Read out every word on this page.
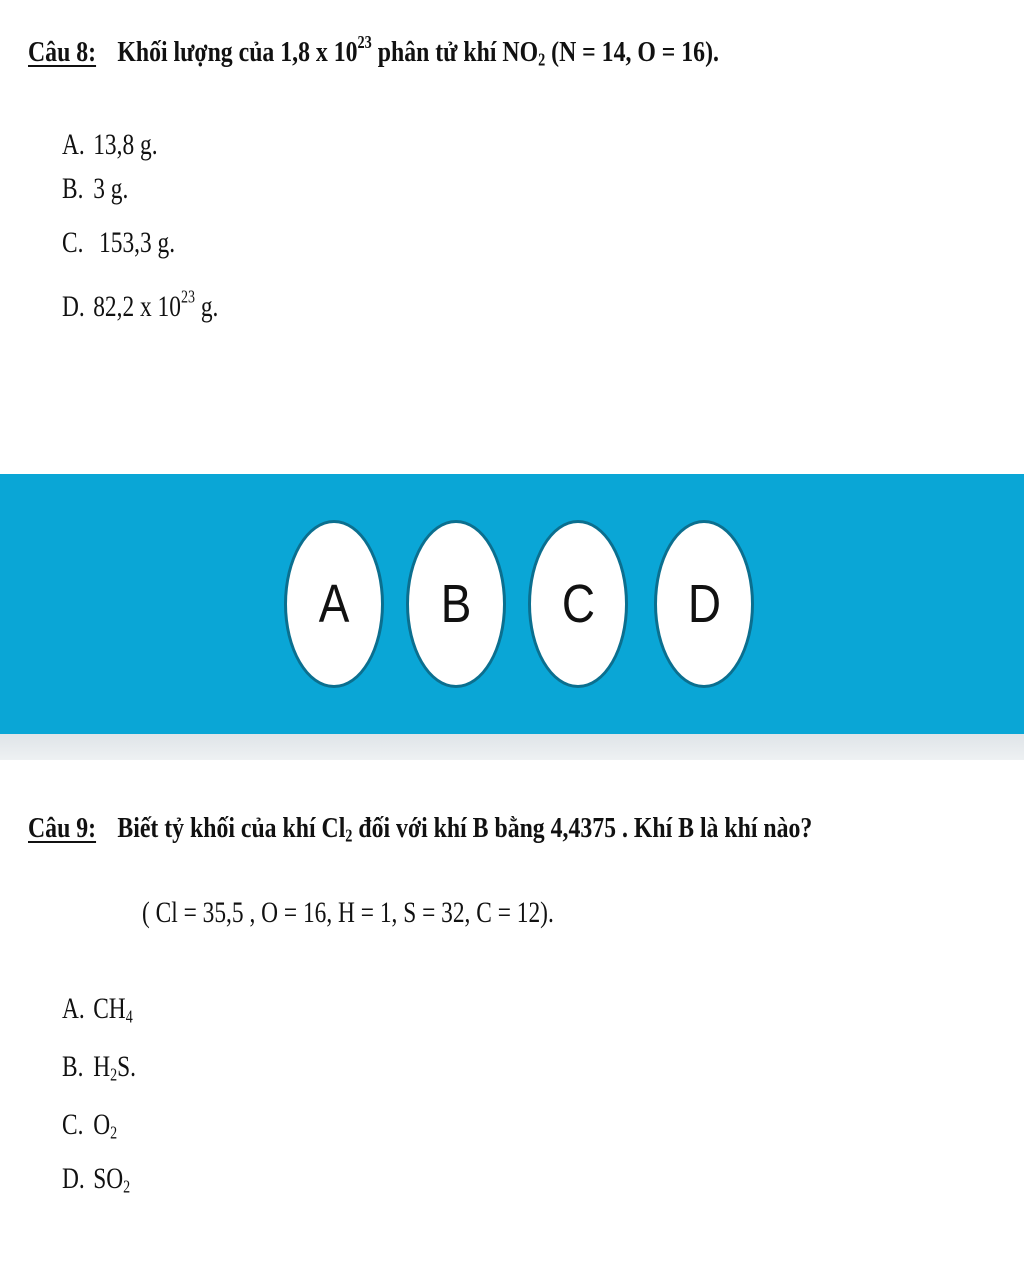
Câu 8: Khối lượng của 1,8 x $10^{23}$ phân tử khí $NO_2$ (N = 14, O = 16).
A. 13,8 g.
B. 3 g.
C. 153,3 g.
D. 82,2 x $10^{23}$ g.
A B C D
Câu 9: Biết tỷ khối của khí $Cl_2$ đối với khí B bằng 4,4375 . Khí B là khí nào?
( Cl = 35,5 , O = 16, H = 1, S = 32, C = 12).
A. $CH_4$
B. $H_2S$.
C. $O_2$
D. $SO_2$
